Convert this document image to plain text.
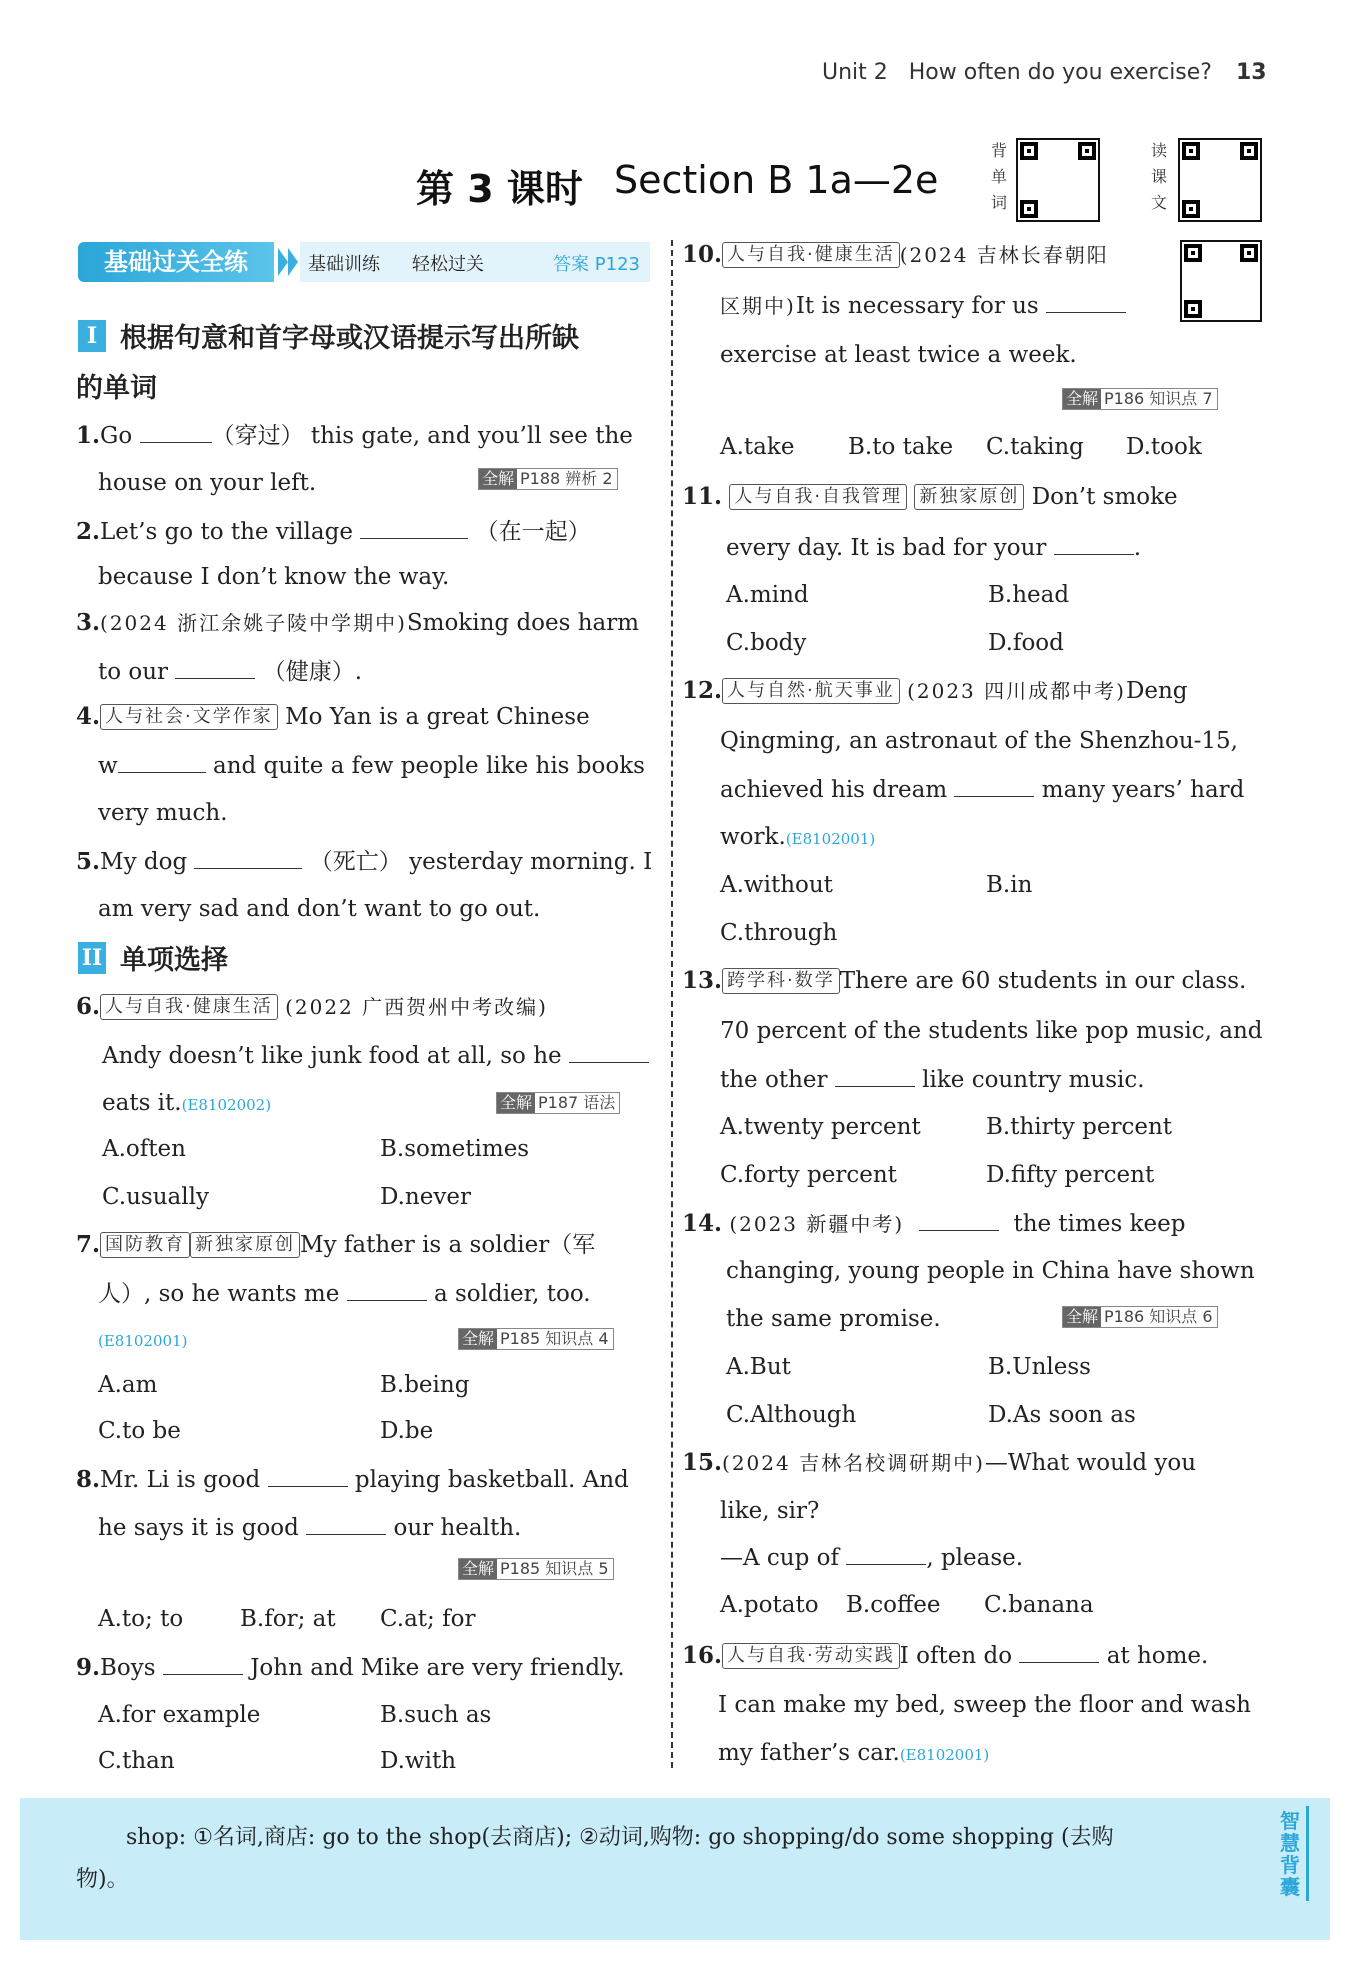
Unit 2 How often do you exercise? 13
第 3 课时 Section B 1a—2e
背单词
读课文
基础过关全练	基础训练 轻松过关	答案 P123
I 根据句意和首字母或汉语提示写出所缺
的单词
1.Go	（穿过） this gate, and you’ll see the
house on your left.	全解 P188 辨析 2
2.Let’s go to the village	（在一起）
because I don’t know the way.
3.(2024 浙江余姚子陵中学期中)Smoking does harm
to our	（健康）.
4. 人与社会·文学作家 Mo Yan is a great Chinese
w	and quite a few people like his books
very much.
5.My dog	（死亡） yesterday morning. I
am very sad and don’t want to go out.
II 单项选择
6. 人与自我·健康生活 (2022 广西贺州中考改编)
Andy doesn’t like junk food at all, so he
eats it.(E8102002)	全解 P187 语法
A.often	B.sometimes
C.usually	D.never
7. 国防教育 新独家原创 My father is a soldier（军
人）, so he wants me	a soldier, too.
(E8102001)	全解 P185 知识点 4
A.am	B.being
C.to be	D.be
8.Mr. Li is good	playing basketball. And
he says it is good	our health.
全解 P185 知识点 5
A.to; to B.for; at C.at; for
9.Boys	John and Mike are very friendly.
A.for example	B.such as
C.than	D.with
10. 人与自我·健康生活 (2024 吉林长春朝阳
区期中)It is necessary for us
exercise at least twice a week.
全解 P186 知识点 7
A.take B.to take C.taking D.took
11. 人与自我·自我管理 新独家原创 Don’t smoke
every day. It is bad for your	.
A.mind	B.head
C.body	D.food
12. 人与自然·航天事业 (2023 四川成都中考)Deng
Qingming, an astronaut of the Shenzhou-15,
achieved his dream	many years’ hard
work.(E8102001)
A.without	B.in
C.through
13. 跨学科·数学 There are 60 students in our class.
70 percent of the students like pop music, and
the other	like country music.
A.twenty percent	B.thirty percent
C.forty percent	D.fifty percent
14. (2023 新疆中考)	the times keep
changing, young people in China have shown
the same promise.	全解 P186 知识点 6
A.But	B.Unless
C.Although	D.As soon as
15.(2024 吉林名校调研期中)—What would you
like, sir?
—A cup of	, please.
A.potato B.coffee C.banana
16. 人与自我·劳动实践 I often do	at home.
I can make my bed, sweep the floor and wash
my father’s car.(E8102001)
shop: ①名词,商店: go to the shop(去商店); ②动词,购物: go shopping/do some shopping (去购
物)。
智慧背囊
